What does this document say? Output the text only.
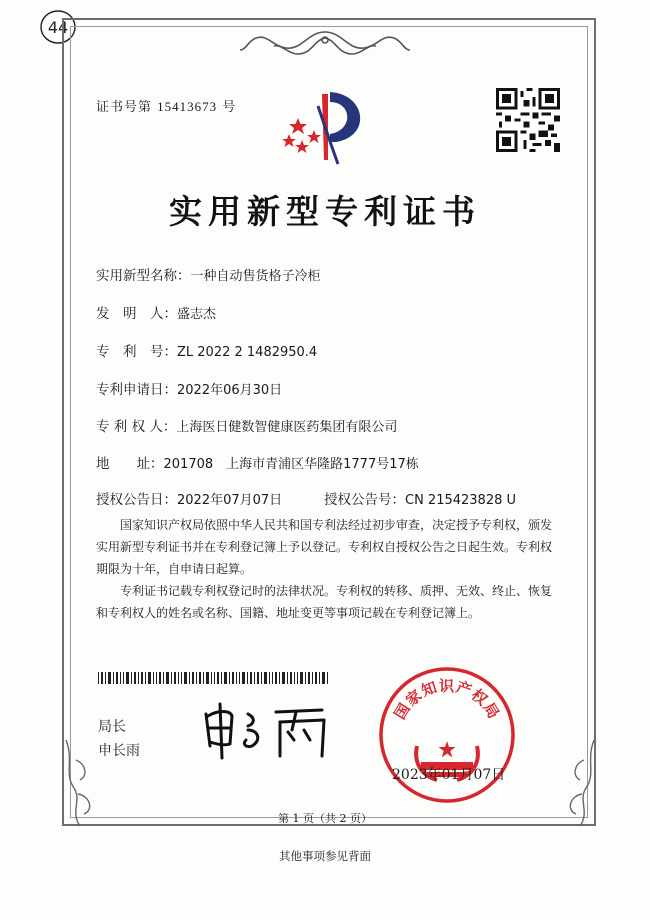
44
证书号第 15413673 号
实用新型专利证书
实用新型名称：一种自动售货格子冷柜
发　明　人：盛志杰
专　利　号：ZL 2022 2 1482950.4
专利申请日：2022年06月30日
专 利 权 人：上海医日健数智健康医药集团有限公司
地　　址：201708　上海市青浦区华隆路1777号17栋
授权公告日：2022年07月07日	授权公告号：CN 215423828 U
　　国家知识产权局依照中华人民共和国专利法经过初步审查，决定授予专利权，颁发实用新型专利证书并在专利登记簿上予以登记。专利权自授权公告之日起生效。专利权期限为十年，自申请日起算。
　　专利证书记载专利权登记时的法律状况。专利权的转移、质押、无效、终止、恢复和专利权人的姓名或名称、国籍、地址变更等事项记载在专利登记簿上。
局长
申长雨
国家知识产权局
2023年01月07日
第 1 页（共 2 页）
其他事项参见背面
